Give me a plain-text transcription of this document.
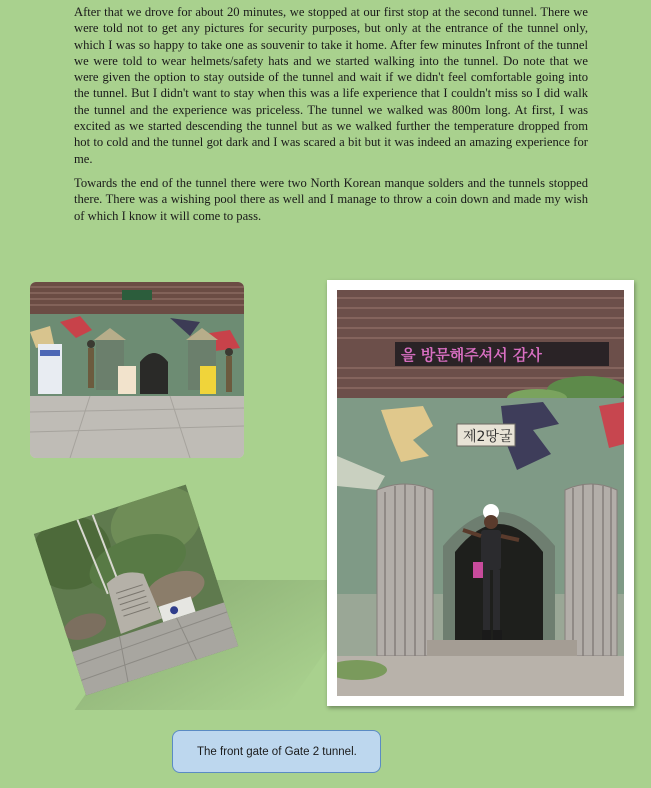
After that we drove for about 20 minutes, we stopped at our first stop at the second tunnel. There we were told not to get any pictures for security purposes, but only at the entrance of the tunnel only, which I was so happy to take one as souvenir to take it home. After few minutes Infront of the tunnel we were told to wear helmets/safety hats and we started walking into the tunnel. Do note that we were given the option to stay outside of the tunnel and wait if we didn't feel comfortable going into the tunnel. But I didn't want to stay when this was a life experience that I couldn't miss so I did walk the tunnel and the experience was priceless. The tunnel we walked was 800m long. At first, I was excited as we started descending the tunnel but as we walked further the temperature dropped from hot to cold and the tunnel got dark and I was scared a bit but it was indeed an amazing experience for me.

Towards the end of the tunnel there were two North Korean manque solders and the tunnels stopped there. There was a wishing pool there as well and I manage to throw a coin down and made my wish of which I know it will come to pass.

을 방문해주셔서 감사
제2땅굴
The front gate of Gate 2 tunnel.
